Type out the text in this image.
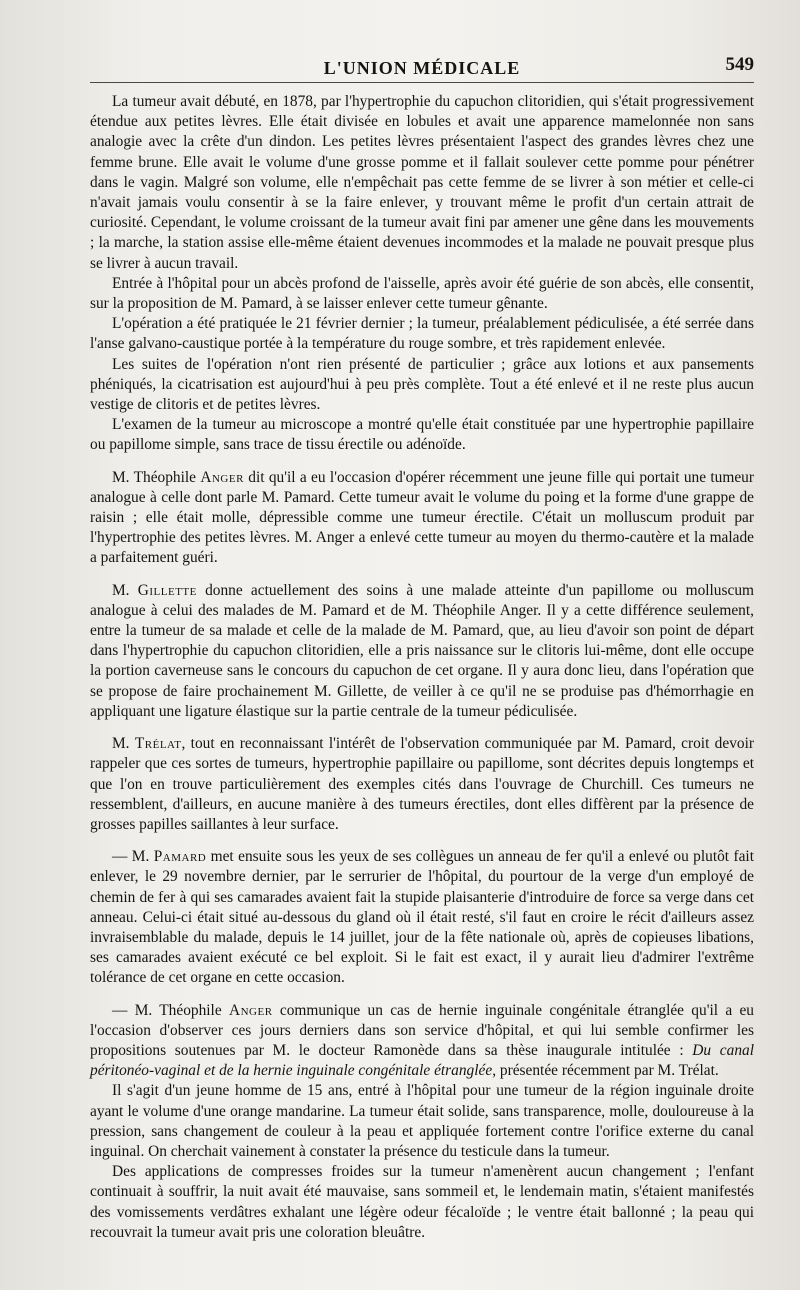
L'UNION MÉDICALE	549

La tumeur avait débuté, en 1878, par l'hypertrophie du capuchon clitoridien, qui s'était progressivement étendue aux petites lèvres. Elle était divisée en lobules et avait une apparence mamelonnée non sans analogie avec la crête d'un dindon. Les petites lèvres présentaient l'aspect des grandes lèvres chez une femme brune. Elle avait le volume d'une grosse pomme et il fallait soulever cette pomme pour pénétrer dans le vagin. Malgré son volume, elle n'empêchait pas cette femme de se livrer à son métier et celle-ci n'avait jamais voulu consentir à se la faire enlever, y trouvant même le profit d'un certain attrait de curiosité. Cependant, le volume croissant de la tumeur avait fini par amener une gêne dans les mouvements ; la marche, la station assise elle-même étaient devenues incommodes et la malade ne pouvait presque plus se livrer à aucun travail.

Entrée à l'hôpital pour un abcès profond de l'aisselle, après avoir été guérie de son abcès, elle consentit, sur la proposition de M. Pamard, à se laisser enlever cette tumeur gênante.

L'opération a été pratiquée le 21 février dernier ; la tumeur, préalablement pédiculisée, a été serrée dans l'anse galvano-caustique portée à la température du rouge sombre, et très rapidement enlevée.

Les suites de l'opération n'ont rien présenté de particulier ; grâce aux lotions et aux pansements phéniqués, la cicatrisation est aujourd'hui à peu près complète. Tout a été enlevé et il ne reste plus aucun vestige de clitoris et de petites lèvres.

L'examen de la tumeur au microscope a montré qu'elle était constituée par une hypertrophie papillaire ou papillome simple, sans trace de tissu érectile ou adénoïde.

M. Théophile Anger dit qu'il a eu l'occasion d'opérer récemment une jeune fille qui portait une tumeur analogue à celle dont parle M. Pamard. Cette tumeur avait le volume du poing et la forme d'une grappe de raisin ; elle était molle, dépressible comme une tumeur érectile. C'était un molluscum produit par l'hypertrophie des petites lèvres. M. Anger a enlevé cette tumeur au moyen du thermo-cautère et la malade a parfaitement guéri.

M. Gillette donne actuellement des soins à une malade atteinte d'un papillome ou molluscum analogue à celui des malades de M. Pamard et de M. Théophile Anger. Il y a cette différence seulement, entre la tumeur de sa malade et celle de la malade de M. Pamard, que, au lieu d'avoir son point de départ dans l'hypertrophie du capuchon clitoridien, elle a pris naissance sur le clitoris lui-même, dont elle occupe la portion caverneuse sans le concours du capuchon de cet organe. Il y aura donc lieu, dans l'opération que se propose de faire prochainement M. Gillette, de veiller à ce qu'il ne se produise pas d'hémorrhagie en appliquant une ligature élastique sur la partie centrale de la tumeur pédiculisée.

M. Trélat, tout en reconnaissant l'intérêt de l'observation communiquée par M. Pamard, croit devoir rappeler que ces sortes de tumeurs, hypertrophie papillaire ou papillome, sont décrites depuis longtemps et que l'on en trouve particulièrement des exemples cités dans l'ouvrage de Churchill. Ces tumeurs ne ressemblent, d'ailleurs, en aucune manière à des tumeurs érectiles, dont elles diffèrent par la présence de grosses papilles saillantes à leur surface.

— M. Pamard met ensuite sous les yeux de ses collègues un anneau de fer qu'il a enlevé ou plutôt fait enlever, le 29 novembre dernier, par le serrurier de l'hôpital, du pourtour de la verge d'un employé de chemin de fer à qui ses camarades avaient fait la stupide plaisanterie d'introduire de force sa verge dans cet anneau. Celui-ci était situé au-dessous du gland où il était resté, s'il faut en croire le récit d'ailleurs assez invraisemblable du malade, depuis le 14 juillet, jour de la fête nationale où, après de copieuses libations, ses camarades avaient exécuté ce bel exploit. Si le fait est exact, il y aurait lieu d'admirer l'extrême tolérance de cet organe en cette occasion.

— M. Théophile Anger communique un cas de hernie inguinale congénitale étranglée qu'il a eu l'occasion d'observer ces jours derniers dans son service d'hôpital, et qui lui semble confirmer les propositions soutenues par M. le docteur Ramonède dans sa thèse inaugurale intitulée : Du canal péritonéo-vaginal et de la hernie inguinale congénitale étranglée, présentée récemment par M. Trélat.

Il s'agit d'un jeune homme de 15 ans, entré à l'hôpital pour une tumeur de la région inguinale droite ayant le volume d'une orange mandarine. La tumeur était solide, sans transparence, molle, douloureuse à la pression, sans changement de couleur à la peau et appliquée fortement contre l'orifice externe du canal inguinal. On cherchait vainement à constater la présence du testicule dans la tumeur.

Des applications de compresses froides sur la tumeur n'amenèrent aucun changement ; l'enfant continuait à souffrir, la nuit avait été mauvaise, sans sommeil et, le lendemain matin, s'étaient manifestés des vomissements verdâtres exhalant une légère odeur fécaloïde ; le ventre était ballonné ; la peau qui recouvrait la tumeur avait pris une coloration bleuâtre.
